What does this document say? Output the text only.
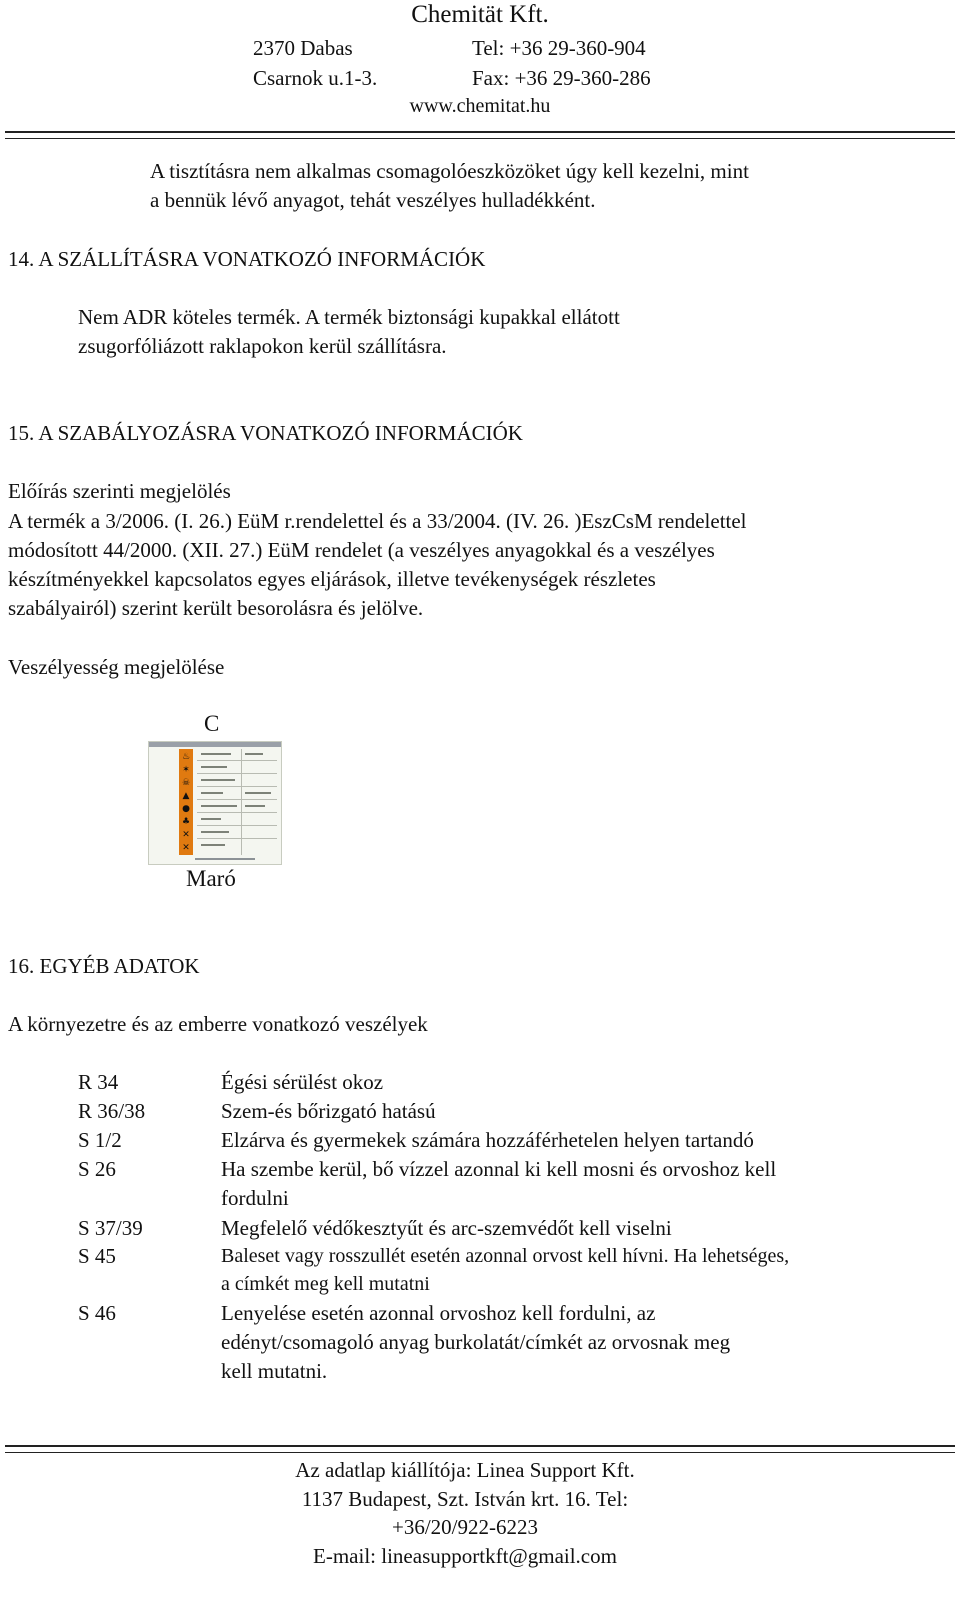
Chemität Kft.
2370 Dabas	Tel: +36 29-360-904
Csarnok u.1-3.	Fax: +36 29-360-286
www.chemitat.hu
A tisztításra nem alkalmas csomagolóeszközöket úgy kell kezelni, mint
a bennük lévő anyagot, tehát veszélyes hulladékként.
14. A SZÁLLÍTÁSRA VONATKOZÓ INFORMÁCIÓK
Nem ADR köteles termék. A termék biztonsági kupakkal ellátott
zsugorfóliázott raklapokon kerül szállításra.
15. A SZABÁLYOZÁSRA VONATKOZÓ INFORMÁCIÓK
Előírás szerinti megjelölés
A termék a 3/2006. (I. 26.) EüM r.rendelettel és a 33/2004. (IV. 26. )EszCsM rendelettel
módosított 44/2000. (XII. 27.) EüM rendelet (a veszélyes anyagokkal és a veszélyes
készítményekkel kapcsolatos egyes eljárások, illetve tevékenységek részletes
szabályairól) szerint került besorolásra és jelölve.
Veszélyesség megjelölése
C
♨
✶
☠
▲
●
♣
✕
✕
Maró
16. EGYÉB ADATOK
A környezetre és az emberre vonatkozó veszélyek
R 34	Égési sérülést okoz
R 36/38	Szem-és bőrizgató hatású
S 1/2	Elzárva és gyermekek számára hozzáférhetelen helyen tartandó
S 26	Ha szembe kerül, bő vízzel azonnal ki kell mosni és orvoshoz kell
fordulni
S 37/39	Megfelelő védőkesztyűt és arc-szemvédőt kell viselni
S 45	Baleset vagy rosszullét esetén azonnal orvost kell hívni. Ha lehetséges,
a címkét meg kell mutatni
S 46	Lenyelése esetén azonnal orvoshoz kell fordulni, az
edényt/csomagoló anyag burkolatát/címkét az orvosnak meg
kell mutatni.
Az adatlap kiállítója: Linea Support Kft.
1137 Budapest, Szt. István krt. 16. Tel:
+36/20/922-6223
E-mail: lineasupportkft@gmail.com
